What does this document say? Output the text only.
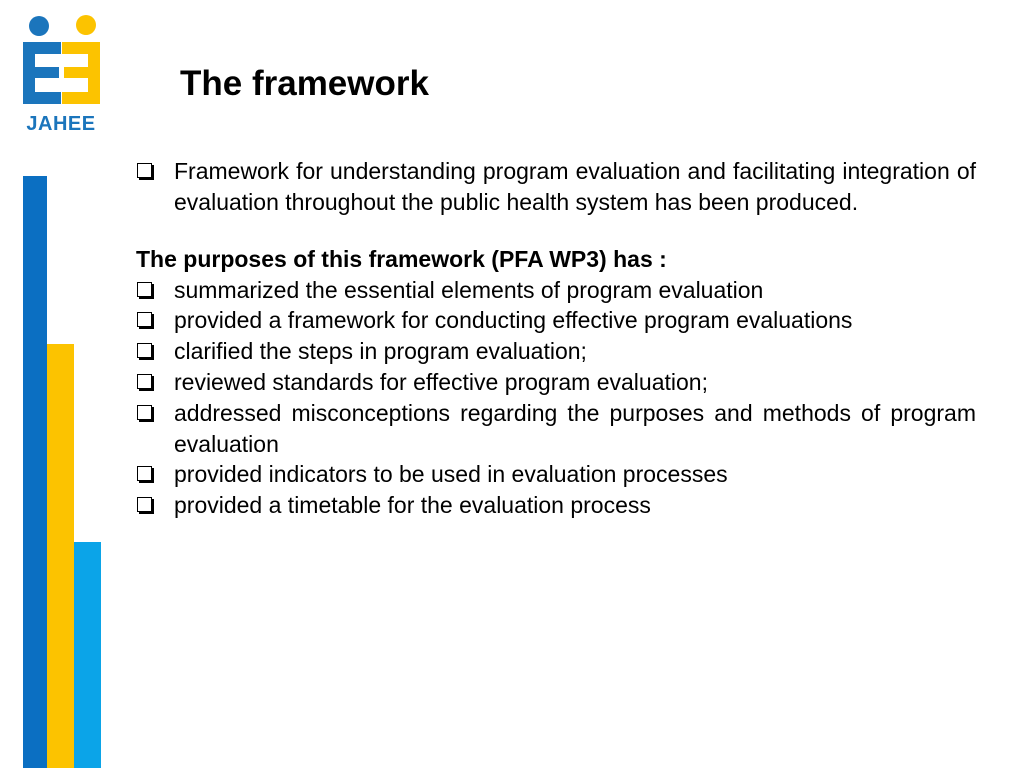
JAHEE
The framework
Framework for understanding program evaluation and facilitating integration of evaluation throughout the public health system has been produced.
The purposes of this framework (PFA WP3) has :
summarized the essential elements of program evaluation
provided a framework for conducting effective program evaluations
clarified the steps in program evaluation;
reviewed standards for effective program evaluation;
addressed misconceptions regarding the purposes and methods of program evaluation
provided indicators to be used in evaluation processes
provided a timetable for the evaluation process
